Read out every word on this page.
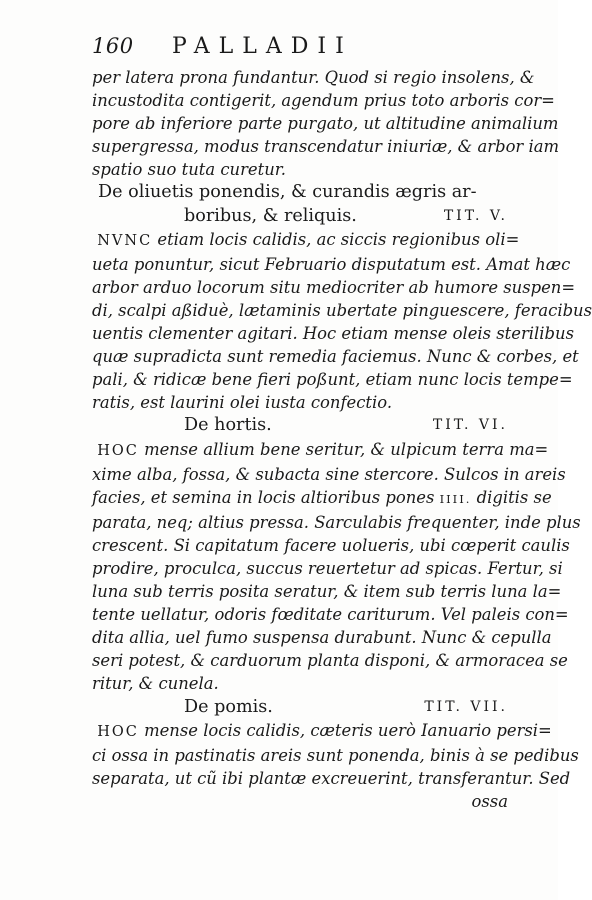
160 PALLADII
per latera prona fundantur. Quod si regio insolens, &
incustodita contigerit, agendum prius toto arboris cor=
pore ab inferiore parte purgato, ut altitudine animalium
supergressa, modus transcendatur iniuriæ, & arbor iam
spatio suo tuta curetur.
De oliuetis ponendis, & curandis ægris ar-
boribus, & reliquis.	TIT. V.
NVNC etiam locis calidis, ac siccis regionibus oli=
ueta ponuntur, sicut Februario disputatum est. Amat hæc
arbor arduo locorum situ mediocriter ab humore suspen=
di, scalpi aßiduè, lætaminis ubertate pinguescere, feracibus
uentis clementer agitari. Hoc etiam mense oleis sterilibus
quæ supradicta sunt remedia faciemus. Nunc & corbes, et
pali, & ridicæ bene fieri poßunt, etiam nunc locis tempe=
ratis, est laurini olei iusta confectio.
De hortis.	TIT. VI.
HOC mense allium bene seritur, & ulpicum terra ma=
xime alba, fossa, & subacta sine stercore. Sulcos in areis
facies, et semina in locis altioribus pones IIII. digitis se
parata, neq; altius pressa. Sarculabis frequenter, inde plus
crescent. Si capitatum facere uolueris, ubi cœperit caulis
prodire, proculca, succus reuertetur ad spicas. Fertur, si
luna sub terris posita seratur, & item sub terris luna la=
tente uellatur, odoris fœditate cariturum. Vel paleis con=
dita allia, uel fumo suspensa durabunt. Nunc & cepulla
seri potest, & carduorum planta disponi, & armoracea se
ritur, & cunela.
De pomis.	TIT. VII.
HOC mense locis calidis, cæteris uerò Ianuario persi=
ci ossa in pastinatis areis sunt ponenda, binis à se pedibus
separata, ut cũ ibi plantæ excreuerint, transferantur. Sed
ossa
